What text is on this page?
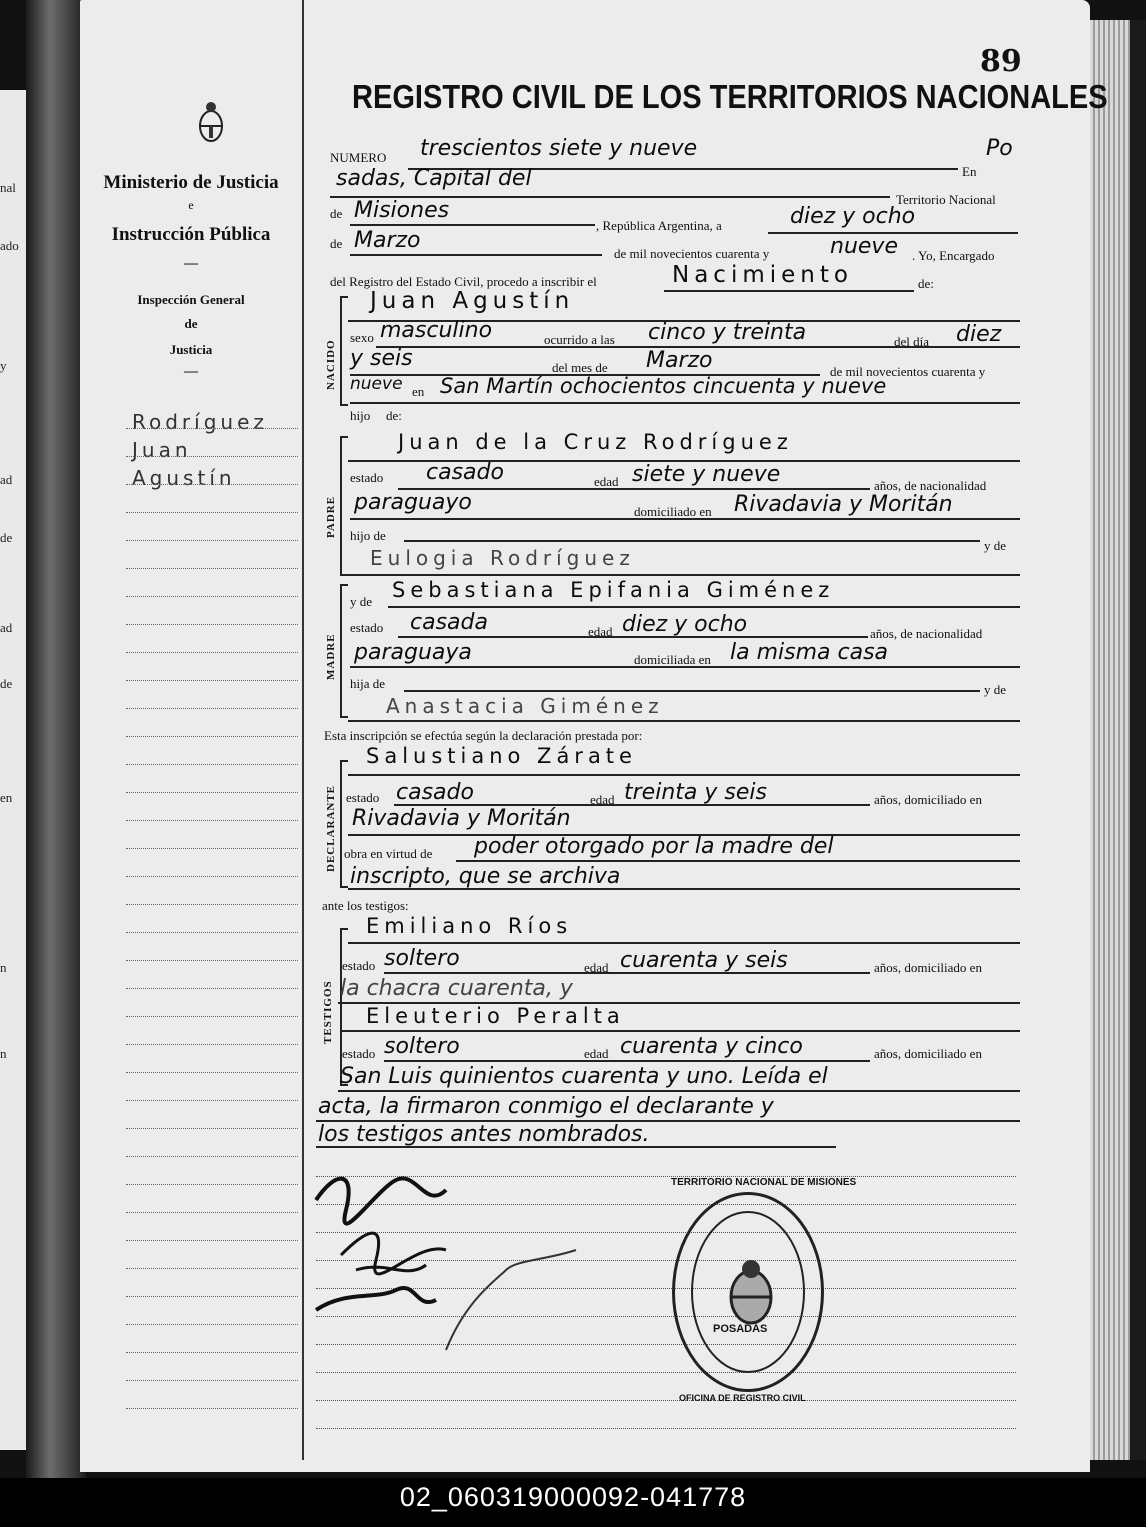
nal
ado
y
ad
de
ad
de
en
n
n
Ministerio de Justicia
e
Instrucción Pública
—
Inspección General
de
Justicia
—
Rodríguez
Juan
Agustín
89
REGISTRO CIVIL DE LOS TERRITORIOS NACIONALES
NUMERO trescientos siete y nueve
En
Po
sadas, Capital del
Territorio Nacional
de Misiones
, República Argentina, a	diez y ocho
de Marzo
de mil novecientos cuarenta y	nueve . Yo, Encargado
del Registro del Estado Civil, procedo a inscribir el	Nacimiento	de:
NACIDO
Juan Agustín
sexo masculino	ocurrido a las cinco y treinta	del día diez
y seis	del mes de Marzo	de mil novecientos cuarenta y
nueve en San Martín ochocientos cincuenta y nueve
hijo de:
PADRE
Juan de la Cruz Rodríguez
estado casado	edad siete y nueve	años, de nacionalidad
paraguayo	domiciliado en Rivadavia y Moritán
hijo de
y de
Eulogia Rodríguez
MADRE
y de Sebastiana Epifania Giménez
estado casada	edad diez y ocho	años, de nacionalidad
paraguaya	domiciliada en la misma casa
hija de	y de
Anastacia Giménez
Esta inscripción se efectúa según la declaración prestada por:
DECLARANTE
Salustiano Zárate
estado casado	edad treinta y seis	años, domiciliado en
Rivadavia y Moritán
obra en virtud de poder otorgado por la madre del
inscripto, que se archiva
ante los testigos:
TESTIGOS
Emiliano Ríos
estado soltero	edad cuarenta y seis	años, domiciliado en
la chacra cuarenta, y
Eleuterio Peralta
estado soltero	edad cuarenta y cinco	años, domiciliado en
San Luis quinientos cuarenta y uno. Leída el
acta, la firmaron conmigo el declarante y
los testigos antes nombrados.
POSADAS
TERRITORIO NACIONAL DE MISIONES
OFICINA DE REGISTRO CIVIL
02_060319000092-041778
